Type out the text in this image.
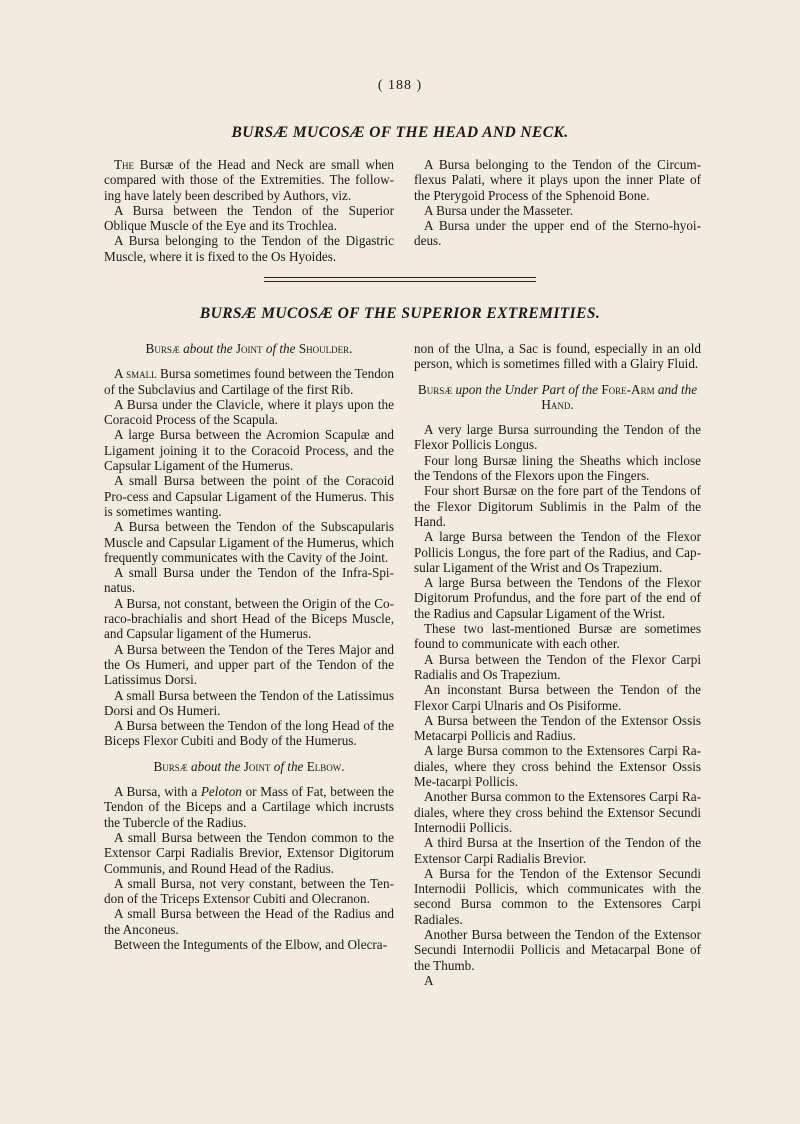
( 188 )
BURSÆ MUCOSÆ OF THE HEAD AND NECK.

The Bursæ of the Head and Neck are small when compared with those of the Extremities. The follow-ing have lately been described by Authors, viz.

A Bursa between the Tendon of the Superior Oblique Muscle of the Eye and its Trochlea.

A Bursa belonging to the Tendon of the Digastric Muscle, where it is fixed to the Os Hyoides.

A Bursa belonging to the Tendon of the Circum-flexus Palati, where it plays upon the inner Plate of the Pterygoid Process of the Sphenoid Bone.

A Bursa under the Masseter.

A Bursa under the upper end of the Sterno-hyoi-deus.

BURSÆ MUCOSÆ OF THE SUPERIOR EXTREMITIES.

Bursæ about the Joint of the Shoulder.

A small Bursa sometimes found between the Tendon of the Subclavius and Cartilage of the first Rib.

A Bursa under the Clavicle, where it plays upon the Coracoid Process of the Scapula.

A large Bursa between the Acromion Scapulæ and Ligament joining it to the Coracoid Process, and the Capsular Ligament of the Humerus.

A small Bursa between the point of the Coracoid Pro-cess and Capsular Ligament of the Humerus. This is sometimes wanting.

A Bursa between the Tendon of the Subscapularis Muscle and Capsular Ligament of the Humerus, which frequently communicates with the Cavity of the Joint.

A small Bursa under the Tendon of the Infra-Spi-natus.

A Bursa, not constant, between the Origin of the Co-raco-brachialis and short Head of the Biceps Muscle, and Capsular ligament of the Humerus.

A Bursa between the Tendon of the Teres Major and the Os Humeri, and upper part of the Tendon of the Latissimus Dorsi.

A small Bursa between the Tendon of the Latissimus Dorsi and Os Humeri.

A Bursa between the Tendon of the long Head of the Biceps Flexor Cubiti and Body of the Humerus.

Bursæ about the Joint of the Elbow.

A Bursa, with a Peloton or Mass of Fat, between the Tendon of the Biceps and a Cartilage which incrusts the Tubercle of the Radius.

A small Bursa between the Tendon common to the Extensor Carpi Radialis Brevior, Extensor Digitorum Communis, and Round Head of the Radius.

A small Bursa, not very constant, between the Ten-don of the Triceps Extensor Cubiti and Olecranon.

A small Bursa between the Head of the Radius and the Anconeus.

Between the Integuments of the Elbow, and Olecra-

non of the Ulna, a Sac is found, especially in an old person, which is sometimes filled with a Glairy Fluid.

Bursæ upon the Under Part of the Fore-Arm and the Hand.

A very large Bursa surrounding the Tendon of the Flexor Pollicis Longus.

Four long Bursæ lining the Sheaths which inclose the Tendons of the Flexors upon the Fingers.

Four short Bursæ on the fore part of the Tendons of the Flexor Digitorum Sublimis in the Palm of the Hand.

A large Bursa between the Tendon of the Flexor Pollicis Longus, the fore part of the Radius, and Cap-sular Ligament of the Wrist and Os Trapezium.

A large Bursa between the Tendons of the Flexor Digitorum Profundus, and the fore part of the end of the Radius and Capsular Ligament of the Wrist.

These two last-mentioned Bursæ are sometimes found to communicate with each other.

A Bursa between the Tendon of the Flexor Carpi Radialis and Os Trapezium.

An inconstant Bursa between the Tendon of the Flexor Carpi Ulnaris and Os Pisiforme.

A Bursa between the Tendon of the Extensor Ossis Metacarpi Pollicis and Radius.

A large Bursa common to the Extensores Carpi Ra-diales, where they cross behind the Extensor Ossis Me-tacarpi Pollicis.

Another Bursa common to the Extensores Carpi Ra-diales, where they cross behind the Extensor Secundi Internodii Pollicis.

A third Bursa at the Insertion of the Tendon of the Extensor Carpi Radialis Brevior.

A Bursa for the Tendon of the Extensor Secundi Internodii Pollicis, which communicates with the second Bursa common to the Extensores Carpi Radiales.

Another Bursa between the Tendon of the Extensor Secundi Internodii Pollicis and Metacarpal Bone of the Thumb.

A
